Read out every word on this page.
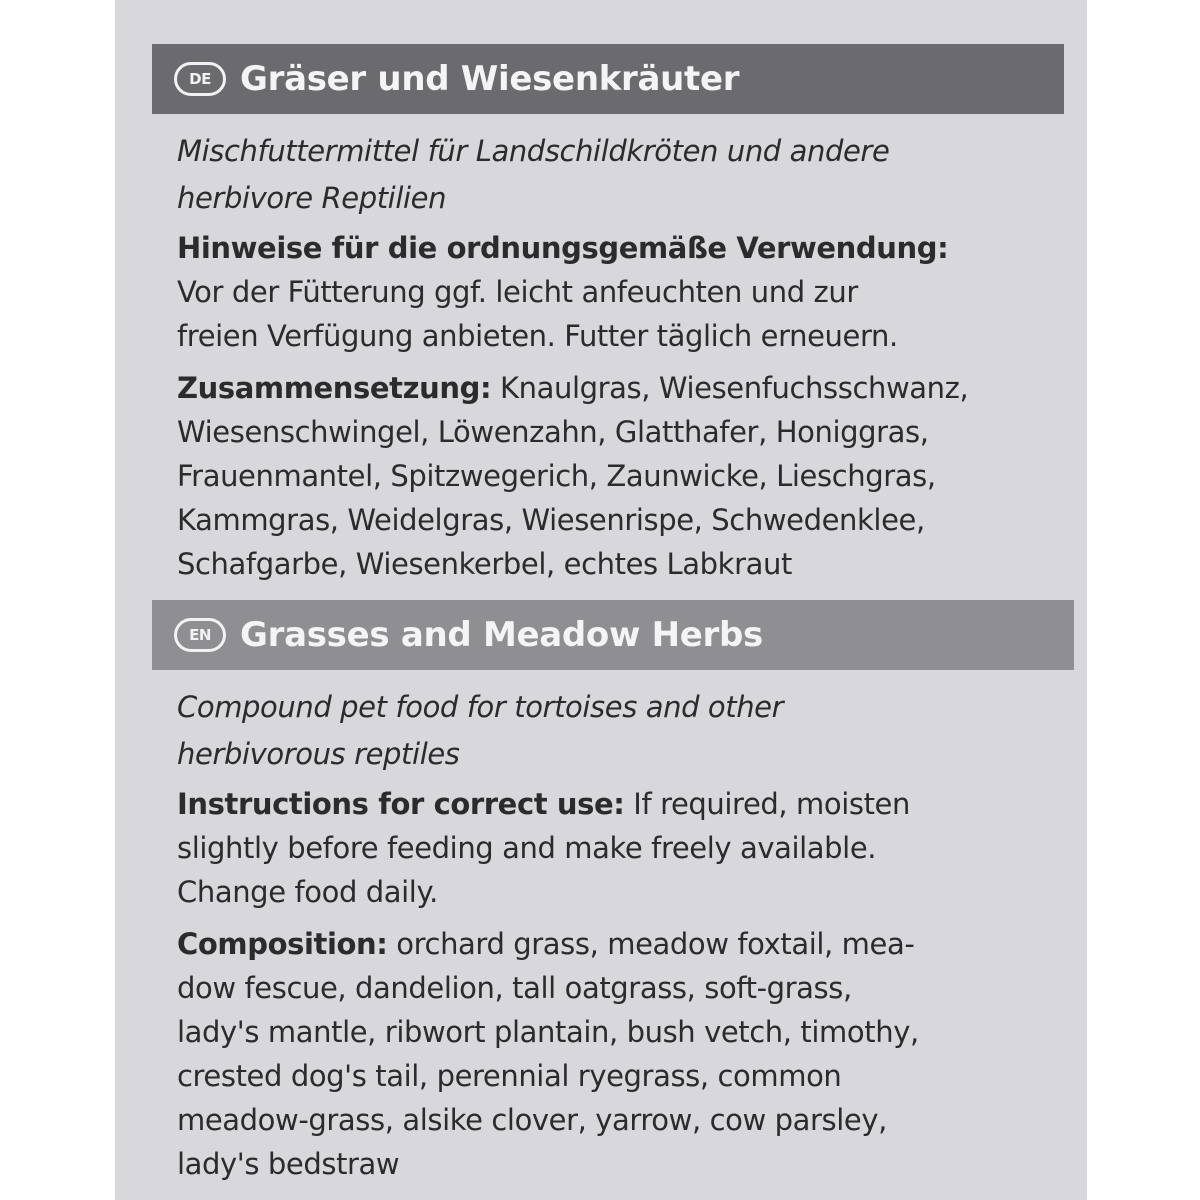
DE Gräser und Wiesenkräuter

Mischfuttermittel für Landschildkröten und andere
herbivore Reptilien

Hinweise für die ordnungsgemäße Verwendung:
Vor der Fütterung ggf. leicht anfeuchten und zur
freien Verfügung anbieten. Futter täglich erneuern.

Zusammensetzung: Knaulgras, Wiesenfuchsschwanz,
Wiesenschwingel, Löwenzahn, Glatthafer, Honiggras,
Frauenmantel, Spitzwegerich, Zaunwicke, Lieschgras,
Kammgras, Weidelgras, Wiesenrispe, Schwedenklee,
Schafgarbe, Wiesenkerbel, echtes Labkraut

EN Grasses and Meadow Herbs

Compound pet food for tortoises and other
herbivorous reptiles

Instructions for correct use: If required, moisten
slightly before feeding and make freely available.
Change food daily.

Composition: orchard grass, meadow foxtail, mea-
dow fescue, dandelion, tall oatgrass, soft-grass,
lady's mantle, ribwort plantain, bush vetch, timothy,
crested dog's tail, perennial ryegrass, common
meadow-grass, alsike clover, yarrow, cow parsley,
lady's bedstraw
